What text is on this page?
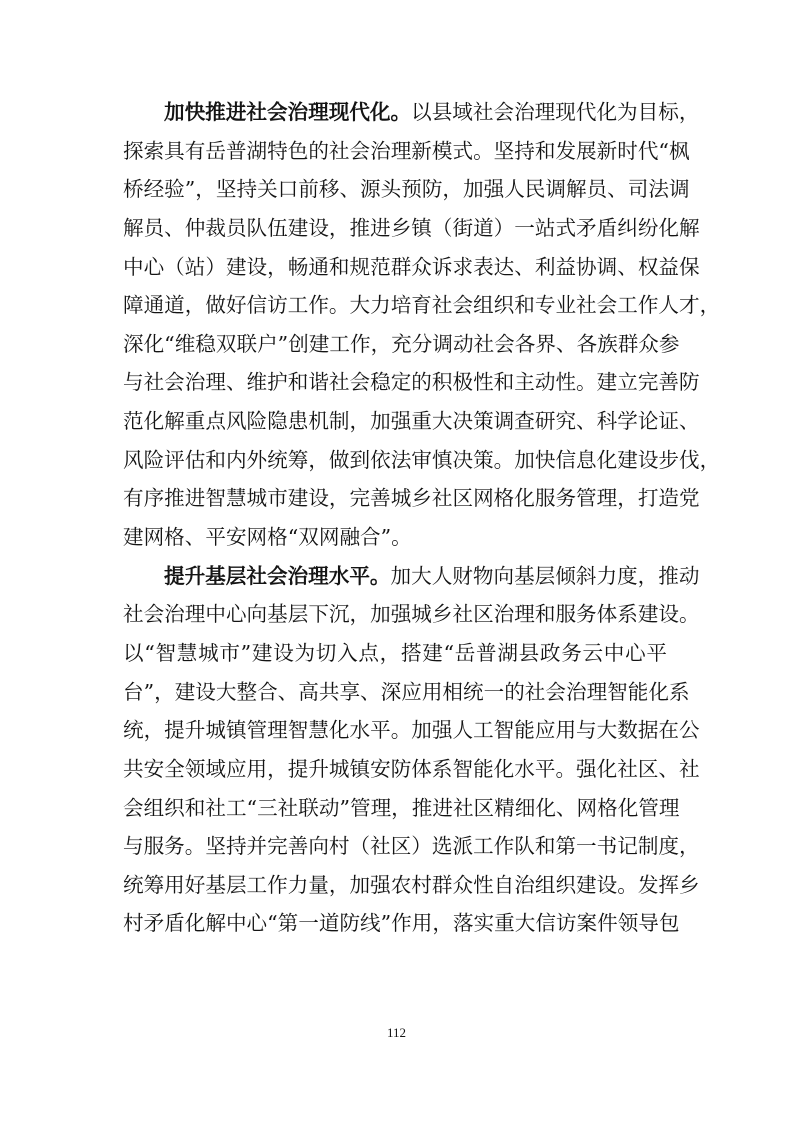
加快推进社会治理现代化。以县域社会治理现代化为目标，
探索具有岳普湖特色的社会治理新模式。坚持和发展新时代“枫
桥经验”，坚持关口前移、源头预防，加强人民调解员、司法调
解员、仲裁员队伍建设，推进乡镇（街道）一站式矛盾纠纷化解
中心（站）建设，畅通和规范群众诉求表达、利益协调、权益保
障通道，做好信访工作。大力培育社会组织和专业社会工作人才，
深化“维稳双联户”创建工作，充分调动社会各界、各族群众参
与社会治理、维护和谐社会稳定的积极性和主动性。建立完善防
范化解重点风险隐患机制，加强重大决策调查研究、科学论证、
风险评估和内外统筹，做到依法审慎决策。加快信息化建设步伐，
有序推进智慧城市建设，完善城乡社区网格化服务管理，打造党
建网格、平安网格“双网融合”。
提升基层社会治理水平。加大人财物向基层倾斜力度，推动
社会治理中心向基层下沉，加强城乡社区治理和服务体系建设。
以“智慧城市”建设为切入点，搭建“岳普湖县政务云中心平
台”，建设大整合、高共享、深应用相统一的社会治理智能化系
统，提升城镇管理智慧化水平。加强人工智能应用与大数据在公
共安全领域应用，提升城镇安防体系智能化水平。强化社区、社
会组织和社工“三社联动”管理，推进社区精细化、网格化管理
与服务。坚持并完善向村（社区）选派工作队和第一书记制度，
统筹用好基层工作力量，加强农村群众性自治组织建设。发挥乡
村矛盾化解中心“第一道防线”作用，落实重大信访案件领导包
112
